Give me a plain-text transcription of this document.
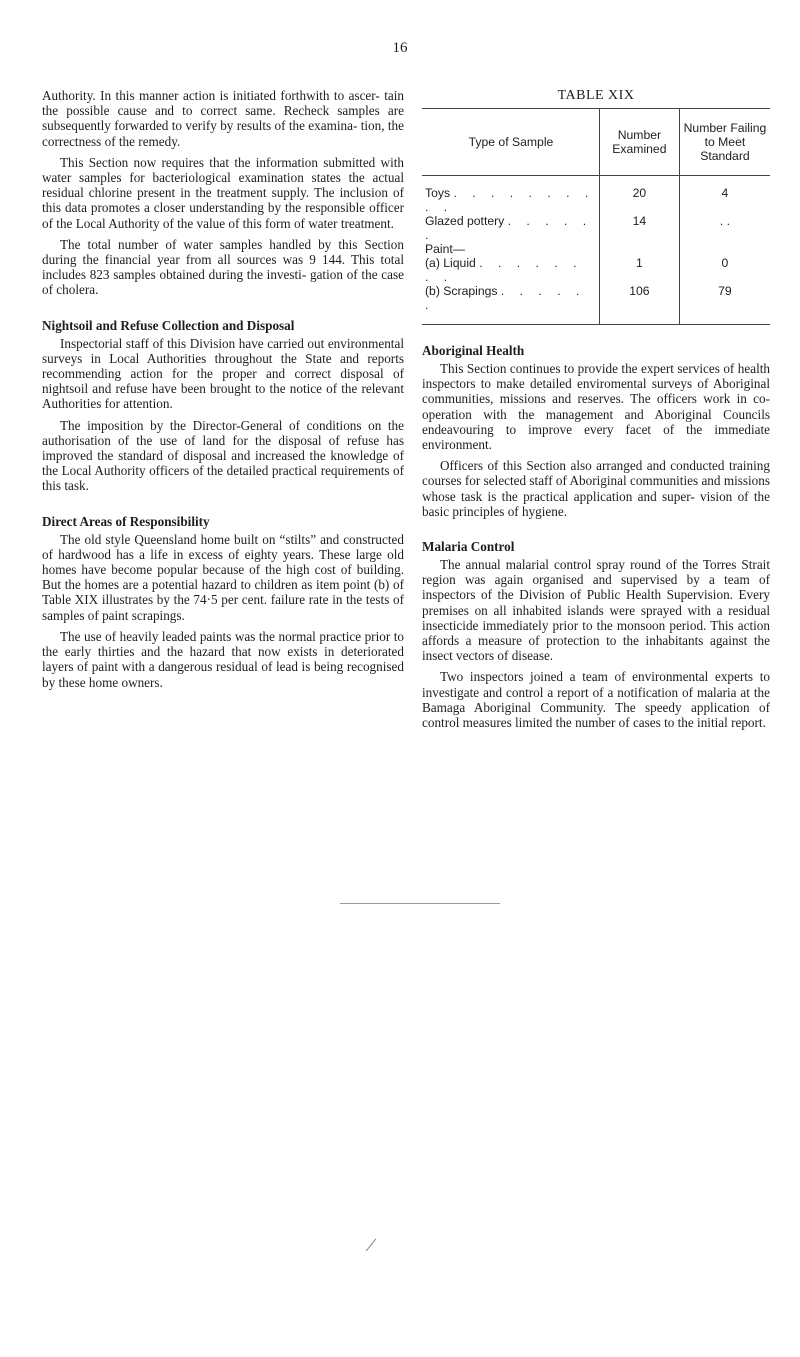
16

Authority. In this manner action is initiated forthwith to ascer- tain the possible cause and to correct same. Recheck samples are subsequently forwarded to verify by results of the examina- tion, the correctness of the remedy.

This Section now requires that the information submitted with water samples for bacteriological examination states the actual residual chlorine present in the treatment supply. The inclusion of this data promotes a closer understanding by the responsible officer of the Local Authority of the value of this form of water treatment.

The total number of water samples handled by this Section during the financial year from all sources was 9 144. This total includes 823 samples obtained during the investi- gation of the case of cholera.

Nightsoil and Refuse Collection and Disposal

Inspectorial staff of this Division have carried out environmental surveys in Local Authorities throughout the State and reports recommending action for the proper and correct disposal of nightsoil and refuse have been brought to the notice of the relevant Authorities for attention.

The imposition by the Director-General of conditions on the authorisation of the use of land for the disposal of refuse has improved the standard of disposal and increased the knowledge of the Local Authority officers of the detailed practical requirements of this task.

Direct Areas of Responsibility

The old style Queensland home built on “stilts” and constructed of hardwood has a life in excess of eighty years. These large old homes have become popular because of the high cost of building. But the homes are a potential hazard to children as item point (b) of Table XIX illustrates by the 74·5 per cent. failure rate in the tests of samples of paint scrapings.

The use of heavily leaded paints was the normal practice prior to the early thirties and the hazard that now exists in deteriorated layers of paint with a dangerous residual of lead is being recognised by these home owners.

TABLE XIX
Type of Sample	Number Examined	Number Failing to Meet Standard
Toys . . . . . . . . . .	20	4
Glazed pottery . . . . . .	14	. .
Paint—		
(a) Liquid . . . . . . . .	1	0
(b) Scrapings . . . . . .	106	79
Aboriginal Health

This Section continues to provide the expert services of health inspectors to make detailed enviromental surveys of Aboriginal communities, missions and reserves. The officers work in co-operation with the management and Aboriginal Councils endeavouring to improve every facet of the immediate environment.

Officers of this Section also arranged and conducted training courses for selected staff of Aboriginal communities and missions whose task is the practical application and super- vision of the basic principles of hygiene.

Malaria Control

The annual malarial control spray round of the Torres Strait region was again organised and supervised by a team of inspectors of the Division of Public Health Supervision. Every premises on all inhabited islands were sprayed with a residual insecticide immediately prior to the monsoon period. This action affords a measure of protection to the inhabitants against the insect vectors of disease.

Two inspectors joined a team of environmental experts to investigate and control a report of a notification of malaria at the Bamaga Aboriginal Community. The speedy application of control measures limited the number of cases to the initial report.

/
